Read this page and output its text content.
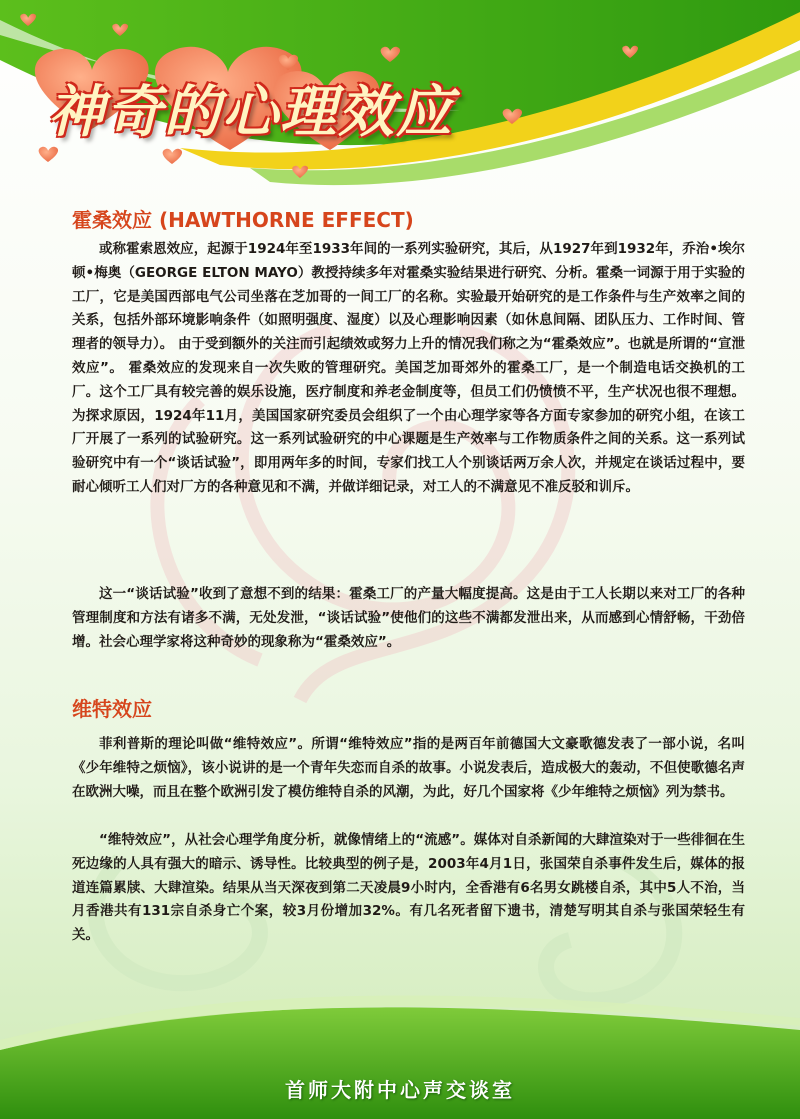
神奇的心理效应
霍桑效应 (HAWTHORNE EFFECT)

或称霍索恩效应，起源于1924年至1933年间的一系列实验研究，其后，从1927年到1932年，乔治•埃尔顿•梅奥（GEORGE ELTON MAYO）教授持续多年对霍桑实验结果进行研究、分析。霍桑一词源于用于实验的工厂，它是美国西部电气公司坐落在芝加哥的一间工厂的名称。实验最开始研究的是工作条件与生产效率之间的关系，包括外部环境影响条件（如照明强度、湿度）以及心理影响因素（如休息间隔、团队压力、工作时间、管理者的领导力）。 由于受到额外的关注而引起绩效或努力上升的情况我们称之为“霍桑效应”。也就是所谓的“宣泄效应”。 霍桑效应的发现来自一次失败的管理研究。美国芝加哥郊外的霍桑工厂，是一个制造电话交换机的工厂。这个工厂具有较完善的娱乐设施，医疗制度和养老金制度等，但员工们仍愤愤不平，生产状况也很不理想。为探求原因，1924年11月，美国国家研究委员会组织了一个由心理学家等各方面专家参加的研究小组，在该工厂开展了一系列的试验研究。这一系列试验研究的中心课题是生产效率与工作物质条件之间的关系。这一系列试验研究中有一个“谈话试验”，即用两年多的时间，专家们找工人个别谈话两万余人次，并规定在谈话过程中，要耐心倾听工人们对厂方的各种意见和不满，并做详细记录，对工人的不满意见不准反驳和训斥。

这一“谈话试验”收到了意想不到的结果：霍桑工厂的产量大幅度提高。这是由于工人长期以来对工厂的各种管理制度和方法有诸多不满，无处发泄，“谈话试验”使他们的这些不满都发泄出来，从而感到心情舒畅，干劲倍增。社会心理学家将这种奇妙的现象称为“霍桑效应”。

维特效应

菲利普斯的理论叫做“维特效应”。所谓“维特效应”指的是两百年前德国大文豪歌德发表了一部小说，名叫《少年维特之烦恼》，该小说讲的是一个青年失恋而自杀的故事。小说发表后，造成极大的轰动，不但使歌德名声在欧洲大噪，而且在整个欧洲引发了模仿维特自杀的风潮，为此，好几个国家将《少年维特之烦恼》列为禁书。

“维特效应”，从社会心理学角度分析，就像情绪上的“流感”。媒体对自杀新闻的大肆渲染对于一些徘徊在生死边缘的人具有强大的暗示、诱导性。比较典型的例子是，2003年4月1日，张国荣自杀事件发生后，媒体的报道连篇累牍、大肆渲染。结果从当天深夜到第二天凌晨9小时内，全香港有6名男女跳楼自杀，其中5人不治，当月香港共有131宗自杀身亡个案，较3月份增加32%。有几名死者留下遗书，清楚写明其自杀与张国荣轻生有关。

首师大附中心声交谈室
